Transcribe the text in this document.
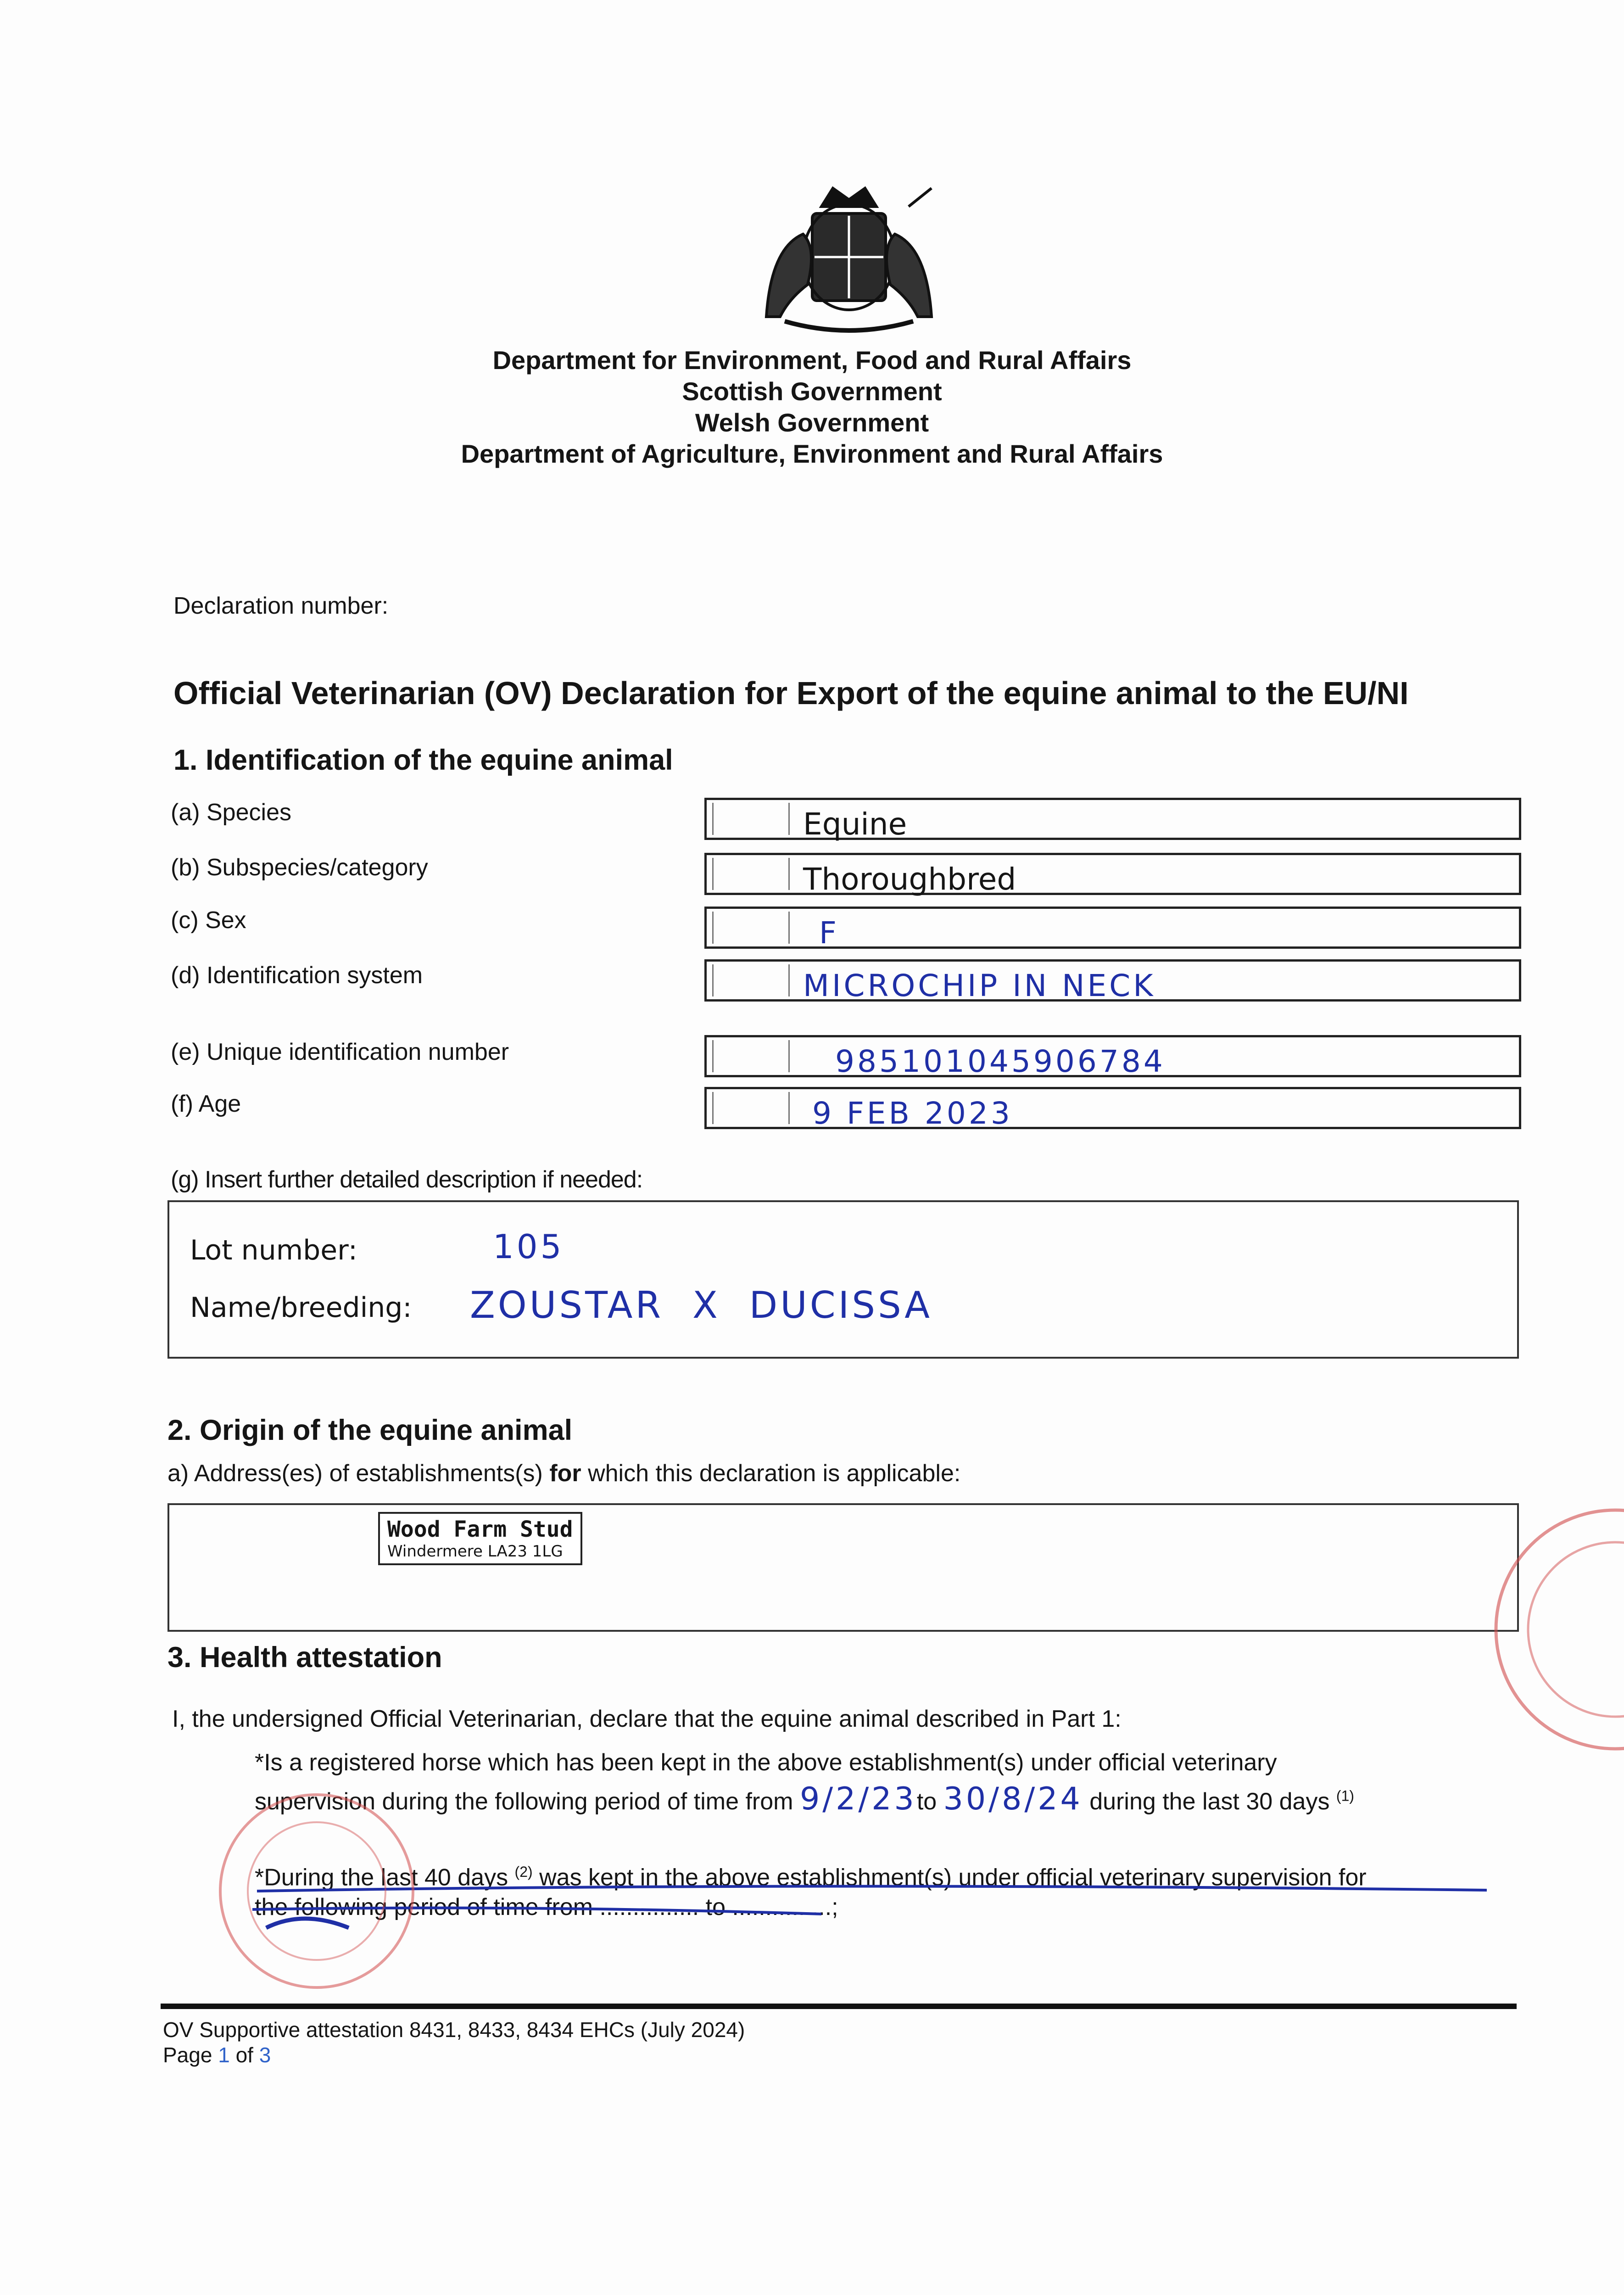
Department for Environment, Food and Rural Affairs
Scottish Government
Welsh Government
Department of Agriculture, Environment and Rural Affairs
Declaration number:
Official Veterinarian (OV) Declaration for Export of the equine animal to the EU/NI
1. Identification of the equine animal
(a) Species	Equine
(b) Subspecies/category	Thoroughbred
(c) Sex	F
(d) Identification system	MICROCHIP IN NECK
(e) Unique identification number	985101045906784
(f) Age	9 FEB 2023
(g) Insert further detailed description if needed:
Lot number:	105
Name/breeding: ZOUSTAR  X  DUCISSA
2. Origin of the equine animal
a) Address(es) of establishments(s) for which this declaration is applicable:
Wood Farm Stud
Windermere LA23 1LG
3. Health attestation
I, the undersigned Official Veterinarian, declare that the equine animal described in Part 1:
*Is a registered horse which has been kept in the above establishment(s) under official veterinary
supervision during the following period of time from 9/2/23to 30/8/24 during the last 30 days $^{(1)}$
*During the last 40 days $^{(2)}$ was kept in the above establishment(s) under official veterinary supervision for
the following period of time from ............... to ...............;
OV Supportive attestation 8431, 8433, 8434 EHCs (July 2024)
Page 1 of 3
